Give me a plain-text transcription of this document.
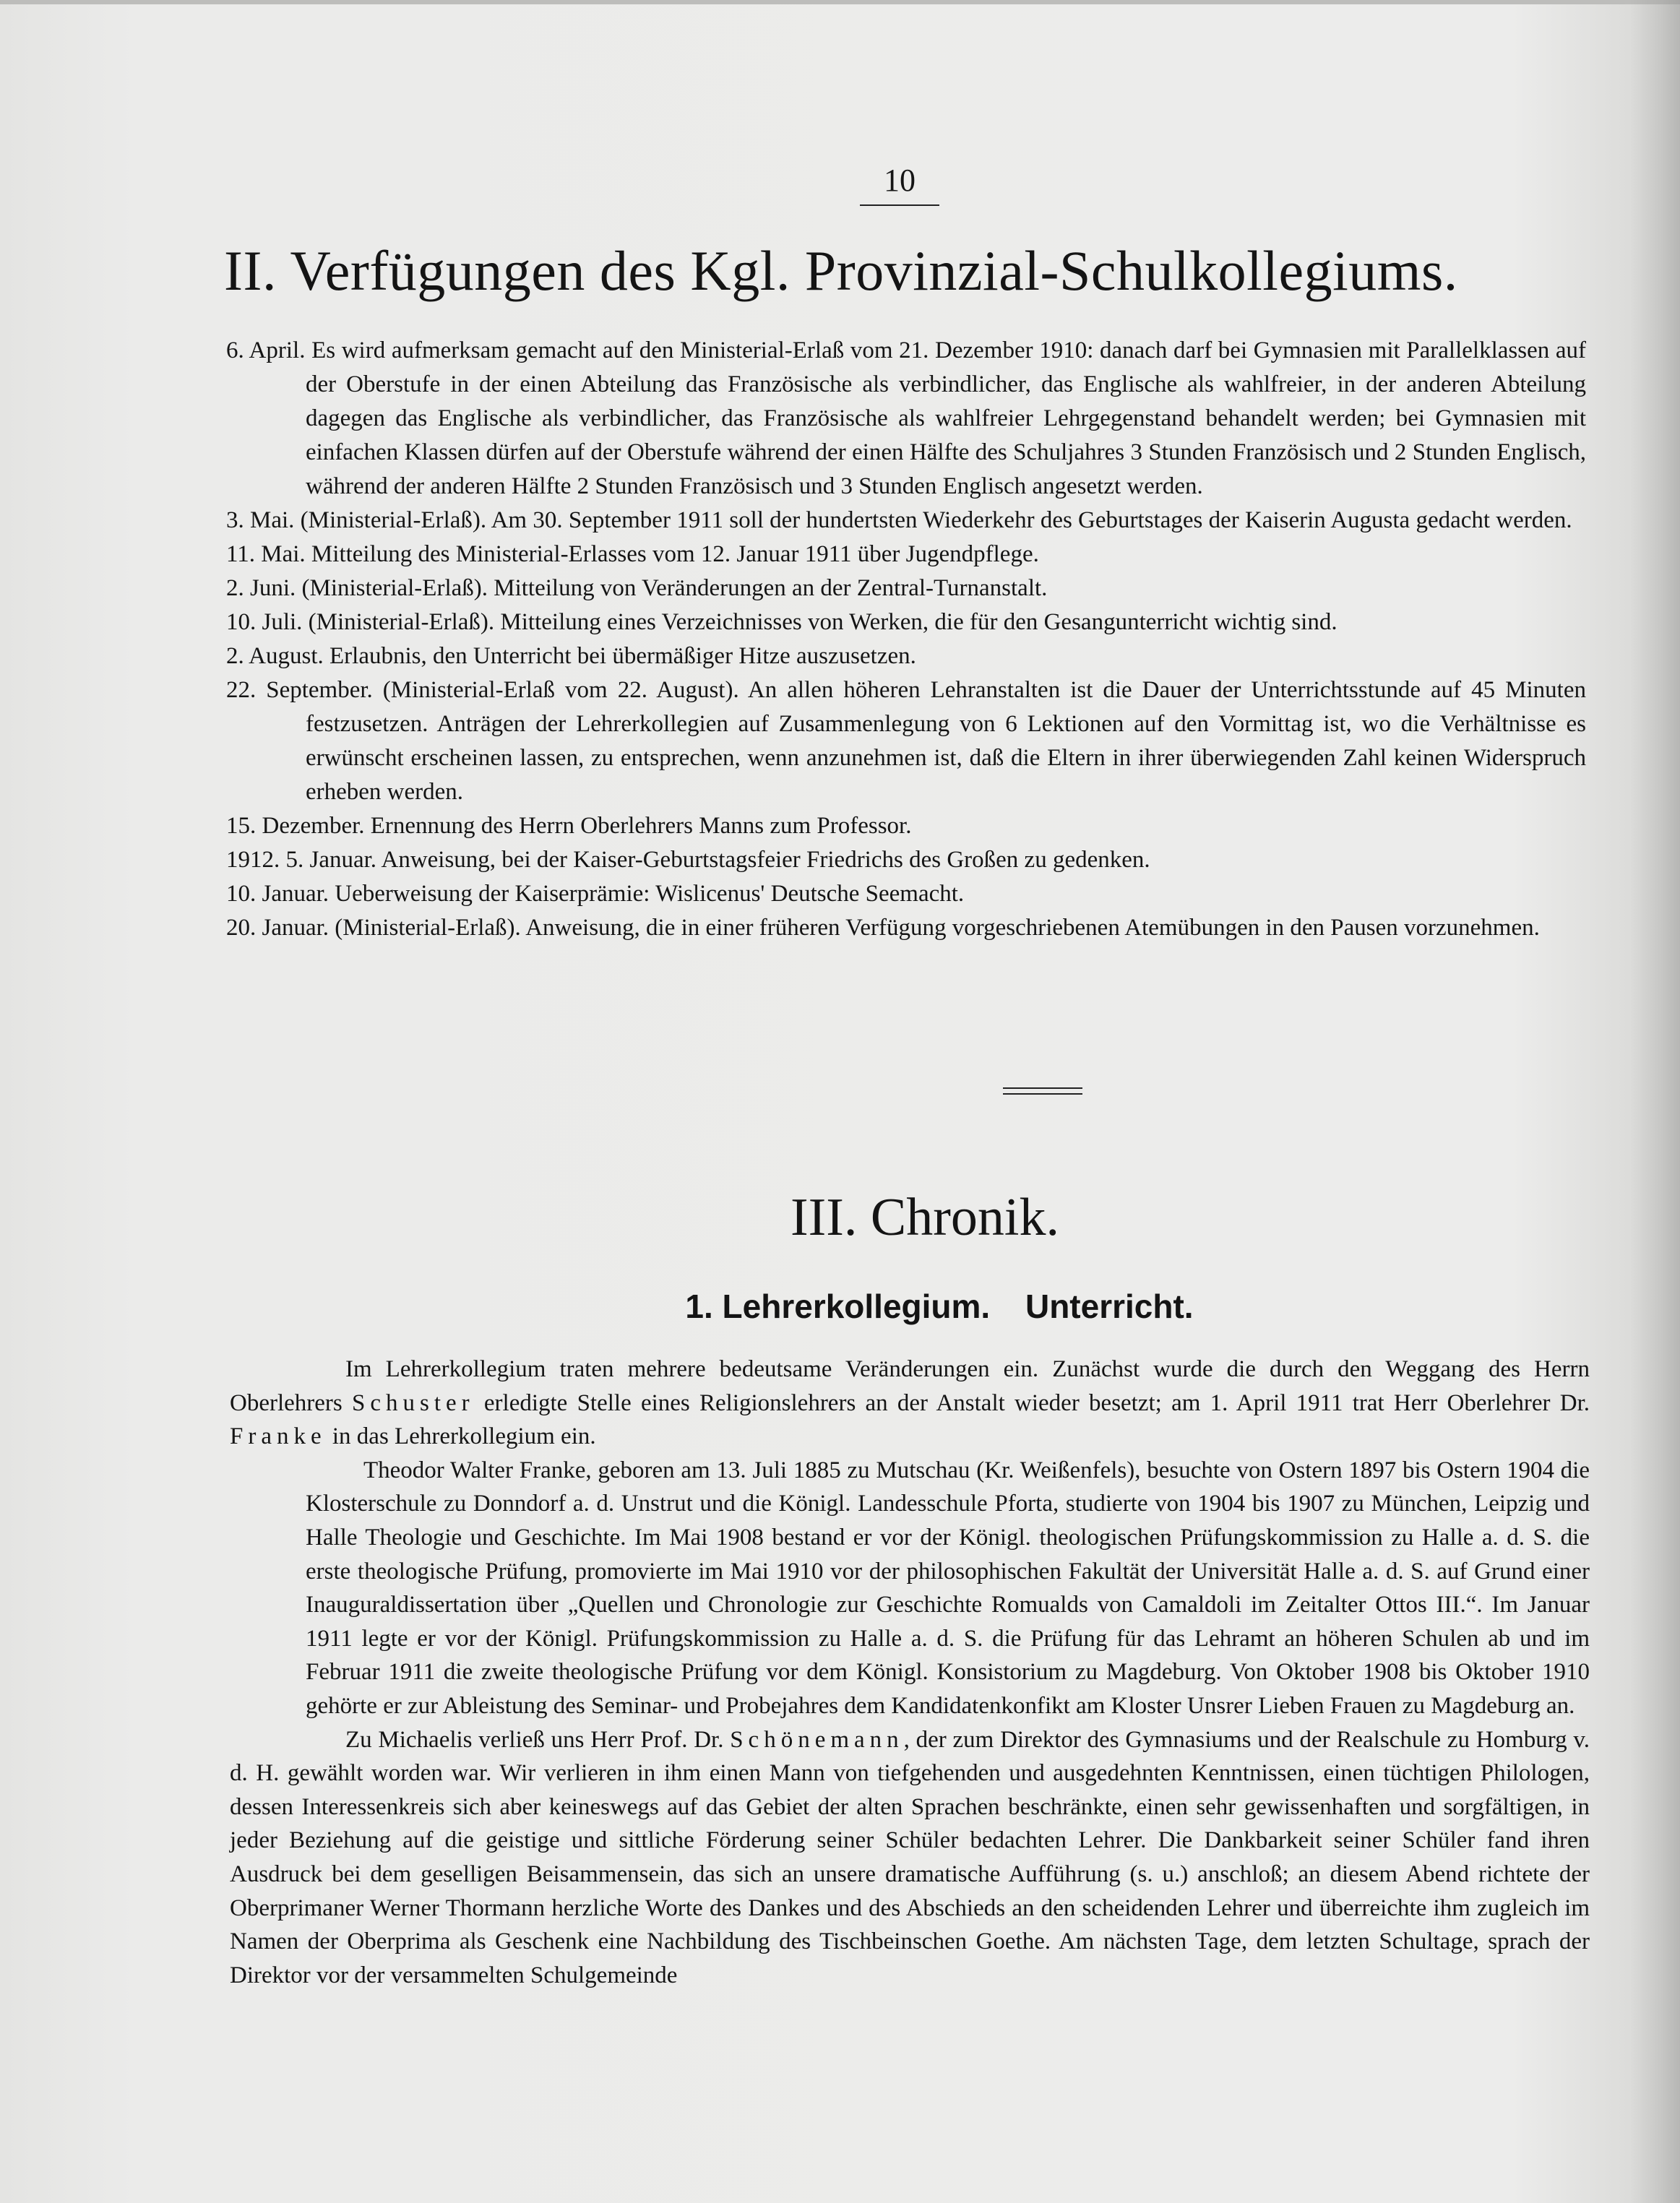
10
II. Verfügungen des Kgl. Provinzial-Schulkollegiums.

6. April. Es wird aufmerksam gemacht auf den Ministerial-Erlaß vom 21. Dezember 1910: danach darf bei Gymnasien mit Parallelklassen auf der Oberstufe in der einen Abteilung das Französische als verbindlicher, das Englische als wahlfreier, in der anderen Abteilung dagegen das Englische als verbindlicher, das Französische als wahlfreier Lehrgegenstand behandelt werden; bei Gymnasien mit einfachen Klassen dürfen auf der Oberstufe während der einen Hälfte des Schuljahres 3 Stunden Französisch und 2 Stunden Englisch, während der anderen Hälfte 2 Stunden Französisch und 3 Stunden Englisch angesetzt werden.

3. Mai. (Ministerial-Erlaß). Am 30. September 1911 soll der hundertsten Wiederkehr des Geburtstages der Kaiserin Augusta gedacht werden.

11. Mai. Mitteilung des Ministerial-Erlasses vom 12. Januar 1911 über Jugendpflege.

2. Juni. (Ministerial-Erlaß). Mitteilung von Veränderungen an der Zentral-Turnanstalt.

10. Juli. (Ministerial-Erlaß). Mitteilung eines Verzeichnisses von Werken, die für den Gesangunterricht wichtig sind.

2. August. Erlaubnis, den Unterricht bei übermäßiger Hitze auszusetzen.

22. September. (Ministerial-Erlaß vom 22. August). An allen höheren Lehranstalten ist die Dauer der Unterrichtsstunde auf 45 Minuten festzusetzen. Anträgen der Lehrerkollegien auf Zusammenlegung von 6 Lektionen auf den Vormittag ist, wo die Verhältnisse es erwünscht erscheinen lassen, zu entsprechen, wenn anzunehmen ist, daß die Eltern in ihrer überwiegenden Zahl keinen Widerspruch erheben werden.

15. Dezember. Ernennung des Herrn Oberlehrers Manns zum Professor.

1912. 5. Januar. Anweisung, bei der Kaiser-Geburtstagsfeier Friedrichs des Großen zu gedenken.

10. Januar. Ueberweisung der Kaiserprämie: Wislicenus' Deutsche Seemacht.

20. Januar. (Ministerial-Erlaß). Anweisung, die in einer früheren Verfügung vorgeschriebenen Atemübungen in den Pausen vorzunehmen.

III. Chronik.
1. Lehrerkollegium. Unterricht.

Im Lehrerkollegium traten mehrere bedeutsame Veränderungen ein. Zunächst wurde die durch den Weggang des Herrn Oberlehrers Schuster erledigte Stelle eines Religionslehrers an der Anstalt wieder besetzt; am 1. April 1911 trat Herr Oberlehrer Dr. Franke in das Lehrerkollegium ein.

Theodor Walter Franke, geboren am 13. Juli 1885 zu Mutschau (Kr. Weißenfels), besuchte von Ostern 1897 bis Ostern 1904 die Klosterschule zu Donndorf a. d. Unstrut und die Königl. Landesschule Pforta, studierte von 1904 bis 1907 zu München, Leipzig und Halle Theologie und Geschichte. Im Mai 1908 bestand er vor der Königl. theologischen Prüfungskommission zu Halle a. d. S. die erste theologische Prüfung, promovierte im Mai 1910 vor der philosophischen Fakultät der Universität Halle a. d. S. auf Grund einer Inauguraldissertation über „Quellen und Chronologie zur Geschichte Romualds von Camaldoli im Zeitalter Ottos III.“. Im Januar 1911 legte er vor der Königl. Prüfungskommission zu Halle a. d. S. die Prüfung für das Lehramt an höheren Schulen ab und im Februar 1911 die zweite theologische Prüfung vor dem Königl. Konsistorium zu Magdeburg. Von Oktober 1908 bis Oktober 1910 gehörte er zur Ableistung des Seminar- und Probejahres dem Kandidatenkonfikt am Kloster Unsrer Lieben Frauen zu Magdeburg an.

Zu Michaelis verließ uns Herr Prof. Dr. Schönemann, der zum Direktor des Gymnasiums und der Realschule zu Homburg v. d. H. gewählt worden war. Wir verlieren in ihm einen Mann von tiefgehenden und ausgedehnten Kenntnissen, einen tüchtigen Philologen, dessen Interessenkreis sich aber keineswegs auf das Gebiet der alten Sprachen beschränkte, einen sehr gewissenhaften und sorgfältigen, in jeder Beziehung auf die geistige und sittliche Förderung seiner Schüler bedachten Lehrer. Die Dankbarkeit seiner Schüler fand ihren Ausdruck bei dem geselligen Beisammensein, das sich an unsere dramatische Aufführung (s. u.) anschloß; an diesem Abend richtete der Oberprimaner Werner Thormann herzliche Worte des Dankes und des Abschieds an den scheidenden Lehrer und überreichte ihm zugleich im Namen der Oberprima als Geschenk eine Nachbildung des Tischbeinschen Goethe. Am nächsten Tage, dem letzten Schultage, sprach der Direktor vor der versammelten Schulgemeinde
